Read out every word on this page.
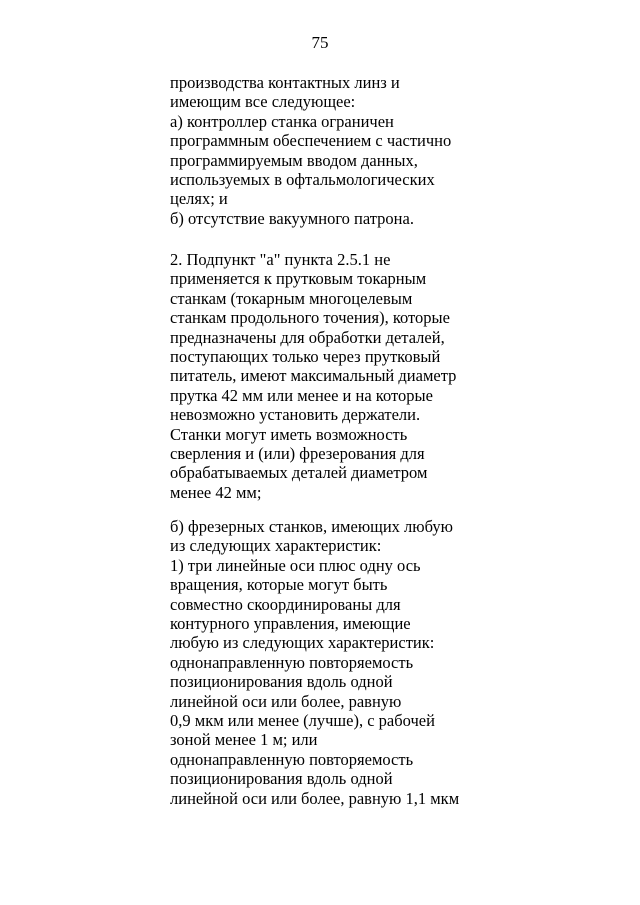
75
производства контактных линз и
имеющим все следующее:
а) контроллер станка ограничен
программным обеспечением с частично
программируемым вводом данных,
используемых в офтальмологических
целях; и
б) отсутствие вакуумного патрона.
2. Подпункт "а" пункта 2.5.1 не
применяется к прутковым токарным
станкам (токарным многоцелевым
станкам продольного точения), которые
предназначены для обработки деталей,
поступающих только через прутковый
питатель, имеют максимальный диаметр
прутка 42 мм или менее и на которые
невозможно установить держатели.
Станки могут иметь возможность
сверления и (или) фрезерования для
обрабатываемых деталей диаметром
менее 42 мм;
б) фрезерных станков, имеющих любую
из следующих характеристик:
1) три линейные оси плюс одну ось
вращения, которые могут быть
совместно скоординированы для
контурного управления, имеющие
любую из следующих характеристик:
однонаправленную повторяемость
позиционирования вдоль одной
линейной оси или более, равную
0,9 мкм или менее (лучше), с рабочей
зоной менее 1 м; или
однонаправленную повторяемость
позиционирования вдоль одной
линейной оси или более, равную 1,1 мкм
